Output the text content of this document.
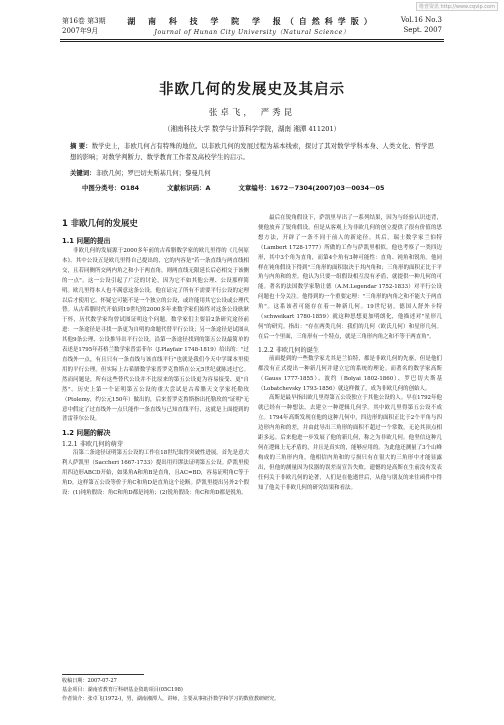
维普资讯 http://www.cqvip.com
第16卷 第3期
2007年9月
湖 南 科 技 学 院 学 报（自然科学版）
Journal of Hunan City University（Natural Science）
Vol.16 No.3
Sept. 2007
非欧几何的发展史及其启示
张卓飞， 严秀昆
（湘南科技大学 数学与计算科学学院，湖南 湘潭 411201）
摘 要：数学史上，非欧几何占有特殊的地位。以非欧几何的发展过程为基本线索，探讨了其对数学学科本身、人类文化、哲学思想的影响；对数学判断力、数学教育工作者及高校学生的启示。
关键词：非欧几何；罗巴切夫斯基几何；黎曼几何
中图分类号：O184	文献标识码：A	文章编号：1672－7304(2007)03－0034－05
1 非欧几何的发展史
1.1 问题的提出

非欧几何的发展源于2000多年前的古希腊数学家的欧几里得的《几何原本》。其中公设五是欧几里得自己提出的，它的内容是"若一条直线与两直线相交，且若同侧所交两内角之和小于两直角，则两直线无限延长后必相交于该侧的一点"。这一公设引起了广泛的讨论，因为它不如其他公理、公设那样简明。欧几里得本人也不满意这条公设，他在证完了所有不需要平行公设的定理以后才使用它。怀疑它可能不是一个独立的公设，或许能用其它公设或公理代替。从古希腊时代开始到19世纪的2000多年来数学家们始终对这条公设耿耿于怀，历代数学家均曾试图证明这个问题。数学家们主要沿2条研究途径前进：一条途径是寻找一条更为自明的命题代替平行公设；另一条途径是试图从其他9条公理、公设推导出平行公设。沿第一条途径找到的第五公设最简单的表述是1795年苏格兰数学家普雷菲尔（J.Playfair 1748-1819）给出的："过直线外一点，有且只有一条直线与该直线平行"也就是我们今天中学课本里使用的平行公理。但实际上古希腊数学家普罗克鲁斯在公元5世纪就陈述过它。然而问题是，所有这些替代公设并不比原来的第五公设更为容易接受、更"自然"。历史上第一个证明第五公设的重大尝试是古希腊天文学家托勒玫（Ptolemy，约公元150年）做出的，后来普罗克鲁斯指出托勒玫的"证明"无意中假定了过直线外一点只能作一条直线与已知直线平行，这就是上面提到的普雷菲尔公设。

1.2 问题的解决
1.2.1 非欧几何的萌芽

沿第二条途径证明第五公设的工作在18世纪取得突破性进展。首先是意大利人萨凯里（Saccheri 1667-1733）提出用归谬法证明第五公设。萨凯里使用四边形ABCD开始，如果角A和角B是直角，且AC=BD，容易证明角C等于角D。这样第五公设等价于角C和角D是直角这个论断。萨凯里提出另外2个假设：(1)钝角假设：角C和角D都是钝角；(2)锐角假设：角C和角D都是锐角。

最后在锐角假设下，萨凯里导出了一系列结果，因为与经验认识违背，便他放弃了锐角假设。但是从客观上为非欧几何的创立提供了很有价值的思想方法，开辟了一条不同于前人的新途径。其后，瑞士数学家兰伯特（Lambert 1728-1777）所做的工作与萨凯里相似。他也考察了一类四边形，其中3个角为直角，而第4个角有3种可能性：直角、钝角和锐角。他同样在钝角假设下得到"三角形的面积取决于其内角和；三角形的面积正比于平角与内角和的差。他认为只要一组假设相互没有矛盾，就提供一种几何的可能。著名的法国数学家勒让德（A.M.Legendar 1752-1833）对平行公设问题也十分关注。他得到的一个重要定理："三角形的内角之和不能大于两直角"。这系该者可能存在着一种新几何。19世纪初，德国人舒外卡特（schweikart 1780-1859）就这种思想更加明朗化，他描述对"星形几何"的研究。指出："存在两类几何：我们的几何（欧氏几何）和星形几何。在后一个里面，三角形有一个特点，就是三角形内角之和不等于两直角"。

1.2.2 非欧几何的诞生

前面提到的一些数学家尤其是兰伯特，都是非欧几何的先驱，但是他们都没有正式提出一种新几何并建立它的系统的理论。而著名的数学家高斯（Gauss 1777-1855）、波约（Bolyai 1802-1860）、罗巴切夫斯基（Lobatchevsky 1793-1856）就这样做了，成为非欧几何的创始人。

高斯是最早指出欧几里得第五公设独立于其他公设的人。早在1792年他就已经有一种想法，去建立一种逻辑几何学。其中欧几里得第五公设不成立。1794年高斯发现在他的这种几何中，四边形的面积正比于2个平角与四边形内角和的差，并由此导出三角形的面积不超过一个常数，无论其顶点相距多远。后来他进一步发展了他的新几何，称之为非欧几何。他坚信这种几何在逻辑上无矛盾的，并且是真实的，能够应用的。为此他还测量了3个山峰构成的三角形内角，他相信内角和的亏损只有在很大的三角形中才能显露出，但他的测量因为仪器的误差而宣告失败。遗憾的是高斯在生前没有发表任何关于非欧几何的论著，人们是在他逝世后，从他与朋友的来往函件中得知了他关于非欧几何的研究结果和看法。

收稿日期：2007-07-27
基金项目：湖南省教育厅科研基金资助项目(05C198)
作者简介：张卓飞(1972-)，男，湖南湘潭人，讲师，主要从事拓扑数学和学习的数值教研研究。
